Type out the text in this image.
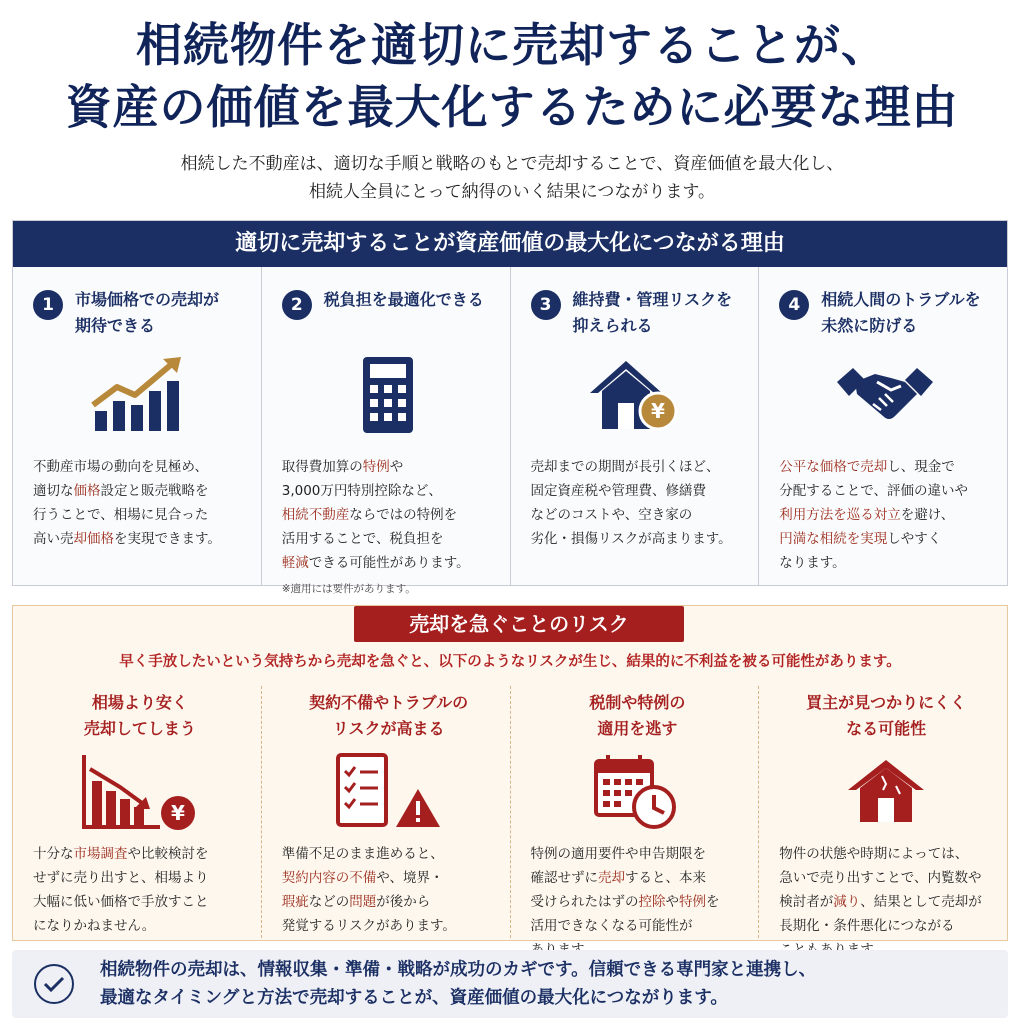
相続物件を適切に売却することが、
資産の価値を最大化するために必要な理由
相続した不動産は、適切な手順と戦略のもとで売却することで、資産価値を最大化し、
相続人全員にとって納得のいく結果につながります。
適切に売却することが資産価値の最大化につながる理由
1	市場価格での売却が
期待できる
不動産市場の動向を見極め、
適切な価格設定と販売戦略を
行うことで、相場に見合った
高い売却価格を実現できます。
2	税負担を最適化できる
取得費加算の特例や
3,000万円特別控除など、
相続不動産ならではの特例を
活用することで、税負担を
軽減できる可能性があります。
※適用には要件があります。
3	維持費・管理リスクを
抑えられる
¥
売却までの期間が長引くほど、
固定資産税や管理費、修繕費
などのコストや、空き家の
劣化・損傷リスクが高まります。
4	相続人間のトラブルを
未然に防げる
公平な価格で売却し、現金で
分配することで、評価の違いや
利用方法を巡る対立を避け、
円満な相続を実現しやすく
なります。
売却を急ぐことのリスク
早く手放したいという気持ちから売却を急ぐと、以下のようなリスクが生じ、結果的に不利益を被る可能性があります。
相場より安く
売却してしまう
¥
十分な市場調査や比較検討を
せずに売り出すと、相場より
大幅に低い価格で手放すこと
になりかねません。
契約不備やトラブルの
リスクが高まる
準備不足のまま進めると、
契約内容の不備や、境界・
瑕疵などの問題が後から
発覚するリスクがあります。
税制や特例の
適用を逃す
特例の適用要件や申告期限を
確認せずに売却すると、本来
受けられたはずの控除や特例を
活用できなくなる可能性が
買主が見つかりにくく
なる可能性
物件の状態や時期によっては、
急いで売り出すことで、内覧数や
検討者が減り、結果として売却が
長期化・条件悪化につながる
相続物件の売却は、情報収集・準備・戦略が成功のカギです。信頼できる専門家と連携し、
最適なタイミングと方法で売却することが、資産価値の最大化につながります。
